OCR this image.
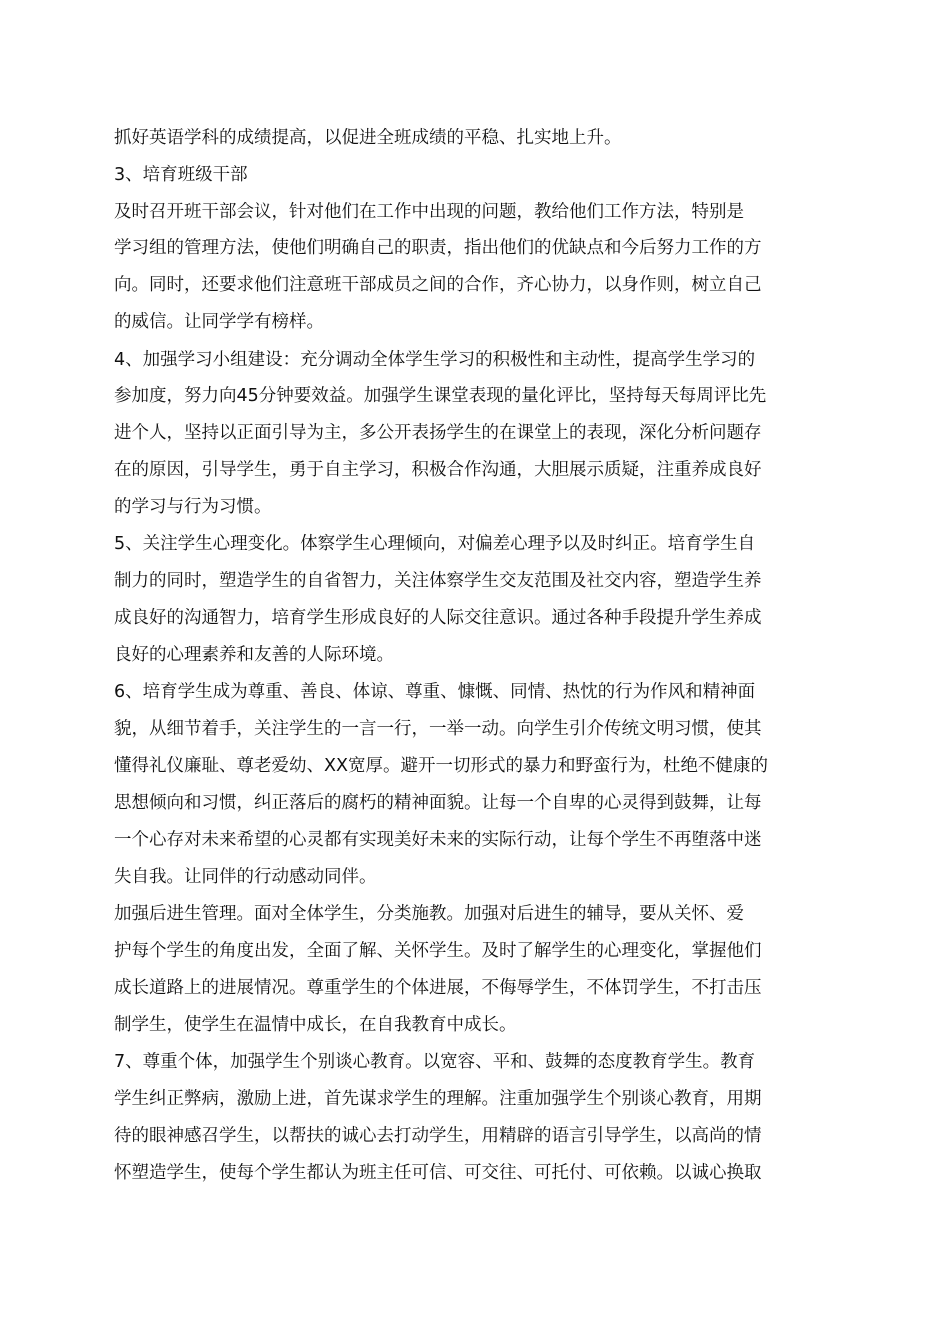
抓好英语学科的成绩提高，以促进全班成绩的平稳、扎实地上升。
3、培育班级干部
及时召开班干部会议，针对他们在工作中出现的问题，教给他们工作方法，特别是
学习组的管理方法，使他们明确自己的职责，指出他们的优缺点和今后努力工作的方
向。同时，还要求他们注意班干部成员之间的合作，齐心协力，以身作则，树立自己
的威信。让同学学有榜样。
4、加强学习小组建设：充分调动全体学生学习的积极性和主动性，提高学生学习的
参加度，努力向45分钟要效益。加强学生课堂表现的量化评比，坚持每天每周评比先
进个人，坚持以正面引导为主，多公开表扬学生的在课堂上的表现，深化分析问题存
在的原因，引导学生，勇于自主学习，积极合作沟通，大胆展示质疑，注重养成良好
的学习与行为习惯。
5、关注学生心理变化。体察学生心理倾向，对偏差心理予以及时纠正。培育学生自
制力的同时，塑造学生的自省智力，关注体察学生交友范围及社交内容，塑造学生养
成良好的沟通智力，培育学生形成良好的人际交往意识。通过各种手段提升学生养成
良好的心理素养和友善的人际环境。
6、培育学生成为尊重、善良、体谅、尊重、慷慨、同情、热忱的行为作风和精神面
貌，从细节着手，关注学生的一言一行，一举一动。向学生引介传统文明习惯，使其
懂得礼仪廉耻、尊老爱幼、XX宽厚。避开一切形式的暴力和野蛮行为，杜绝不健康的
思想倾向和习惯，纠正落后的腐朽的精神面貌。让每一个自卑的心灵得到鼓舞，让每
一个心存对未来希望的心灵都有实现美好未来的实际行动，让每个学生不再堕落中迷
失自我。让同伴的行动感动同伴。
加强后进生管理。面对全体学生，分类施教。加强对后进生的辅导，要从关怀、爱
护每个学生的角度出发，全面了解、关怀学生。及时了解学生的心理变化，掌握他们
成长道路上的进展情况。尊重学生的个体进展，不侮辱学生，不体罚学生，不打击压
制学生，使学生在温情中成长，在自我教育中成长。
7、尊重个体，加强学生个别谈心教育。以宽容、平和、鼓舞的态度教育学生。教育
学生纠正弊病，激励上进，首先谋求学生的理解。注重加强学生个别谈心教育，用期
待的眼神感召学生，以帮扶的诚心去打动学生，用精辟的语言引导学生，以高尚的情
怀塑造学生，使每个学生都认为班主任可信、可交往、可托付、可依赖。以诚心换取
